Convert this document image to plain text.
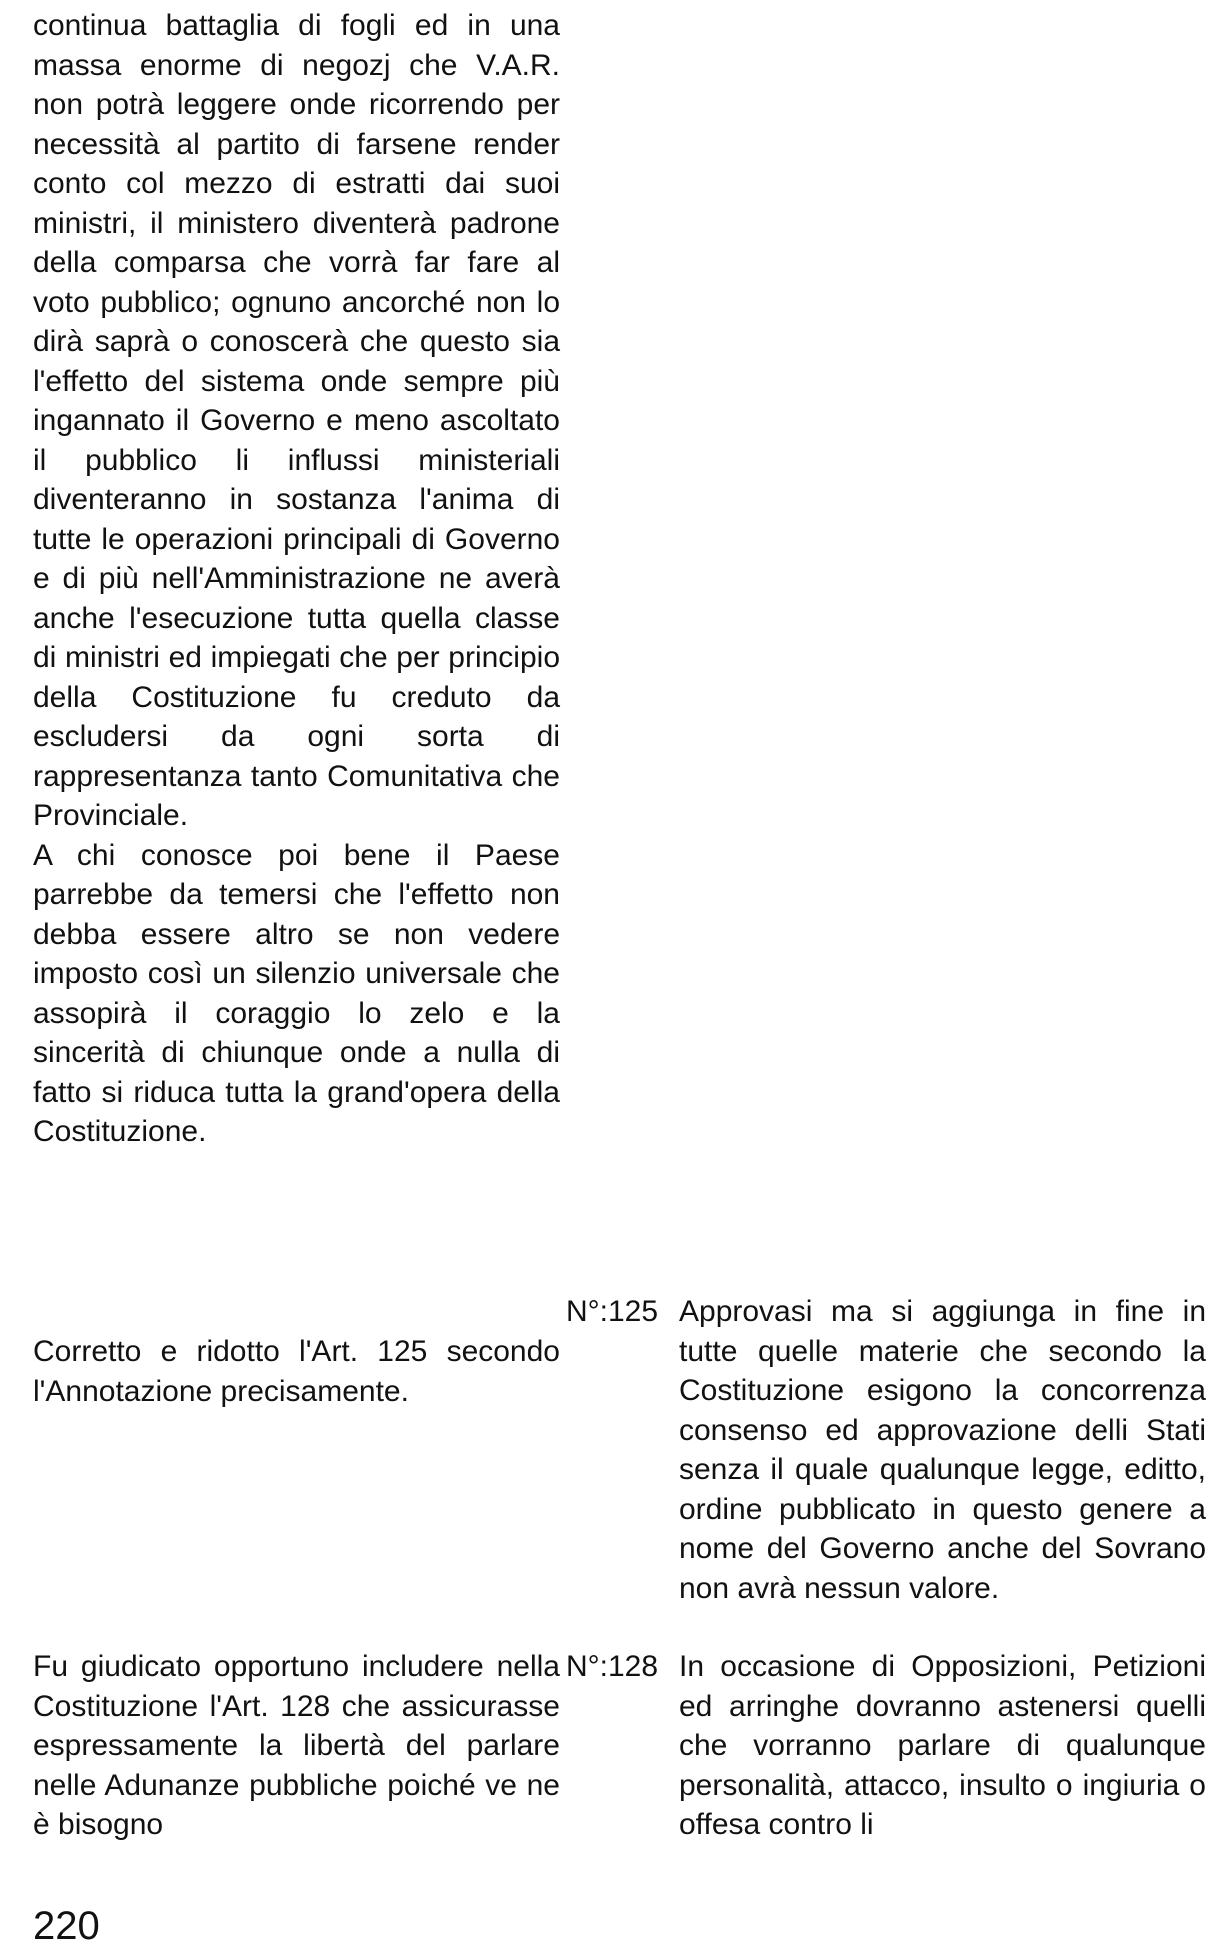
continua battaglia di fogli ed in una massa enorme di negozj che V.A.R. non potrà leggere onde ricorrendo per necessità al partito di farsene render conto col mezzo di estratti dai suoi ministri, il ministero diventerà padrone della comparsa che vorrà far fare al voto pubblico; ognuno ancorché non lo dirà saprà o conoscerà che questo sia l'effetto del sistema onde sempre più ingannato il Governo e meno ascoltato il pubblico li influssi ministeriali diventeranno in sostanza l'anima di tutte le operazioni principali di Governo e di più nell'Amministrazione ne averà anche l'esecuzione tutta quella classe di ministri ed impiegati che per principio della Costituzione fu creduto da escludersi da ogni sorta di rappresentanza tanto Comunitativa che Provinciale.

A chi conosce poi bene il Paese parrebbe da temersi che l'effetto non debba essere altro se non vedere imposto così un silenzio universale che assopirà il coraggio lo zelo e la sincerità di chiunque onde a nulla di fatto si riduca tutta la grand'opera della Costituzione.

Corretto e ridotto l'Art. 125 secondo l'Annotazione precisamente.

N°:125 Approvasi ma si aggiunga in fine in tutte quelle materie che secondo la Costituzione esigono la concorrenza consenso ed approvazione delli Stati senza il quale qualunque legge, editto, ordine pubblicato in questo genere a nome del Governo anche del Sovrano non avrà nessun valore.

Fu giudicato opportuno includere nella Costituzione l'Art. 128 che assicurasse espressamente la libertà del parlare nelle Adunanze pubbliche poiché ve ne è bisogno

N°:128 In occasione di Opposizioni, Petizioni ed arringhe dovranno astenersi quelli che vorranno parlare di qualunque personalità, attacco, insulto o ingiuria o offesa contro li

220
